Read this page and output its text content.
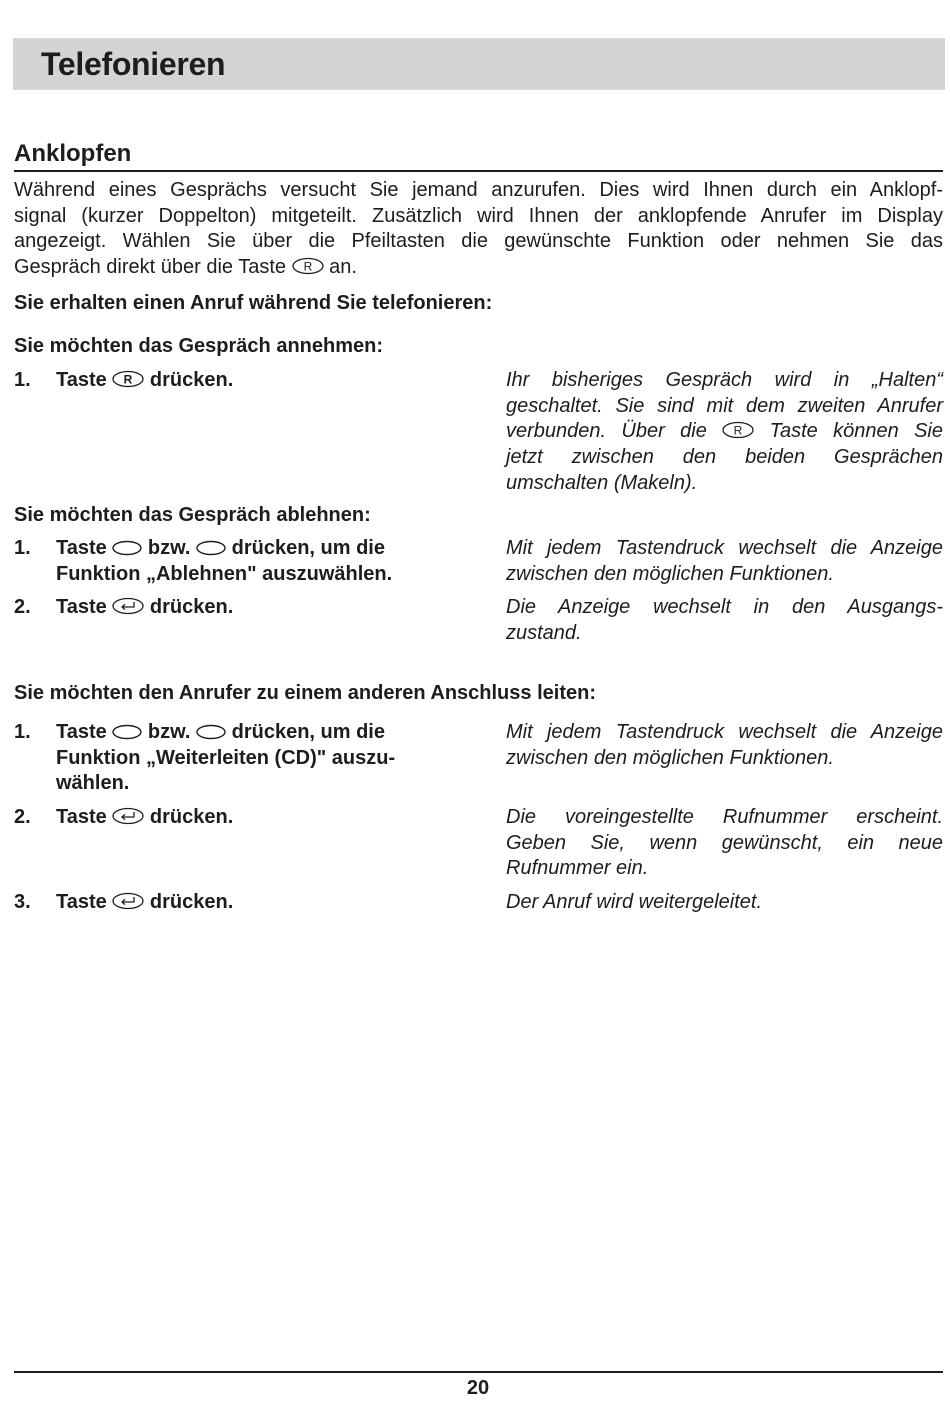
Telefonieren
Anklopfen
Während eines Gesprächs versucht Sie jemand anzurufen. Dies wird Ihnen durch ein Anklopf-
signal (kurzer Doppelton) mitgeteilt. Zusätzlich wird Ihnen der anklopfende Anrufer im Display
angezeigt. Wählen Sie über die Pfeiltasten die gewünschte Funktion oder nehmen Sie das
Gespräch direkt über die Taste R an.
Sie erhalten einen Anruf während Sie telefonieren:
Sie möchten das Gespräch annehmen:
1.	Taste R drücken.	Ihr bisheriges Gespräch wird in „Halten“
geschaltet. Sie sind mit dem zweiten Anrufer
verbunden. Über die R Taste können Sie
jetzt zwischen den beiden Gesprächen
umschalten (Makeln).
Sie möchten das Gespräch ablehnen:
1.	Taste bzw. drücken, um die
Funktion „Ablehnen" auszuwählen.
Mit jedem Tastendruck wechselt die Anzeige
zwischen den möglichen Funktionen.
2.	Taste drücken.	Die Anzeige wechselt in den Ausgangs-
zustand.
Sie möchten den Anrufer zu einem anderen Anschluss leiten:
1.	Taste bzw. drücken, um die
Funktion „Weiterleiten (CD)" auszu-
wählen.
Mit jedem Tastendruck wechselt die Anzeige
zwischen den möglichen Funktionen.
2.	Taste drücken.	Die voreingestellte Rufnummer erscheint.
Geben Sie, wenn gewünscht, ein neue
Rufnummer ein.
3.	Taste drücken.	Der Anruf wird weitergeleitet.
20
